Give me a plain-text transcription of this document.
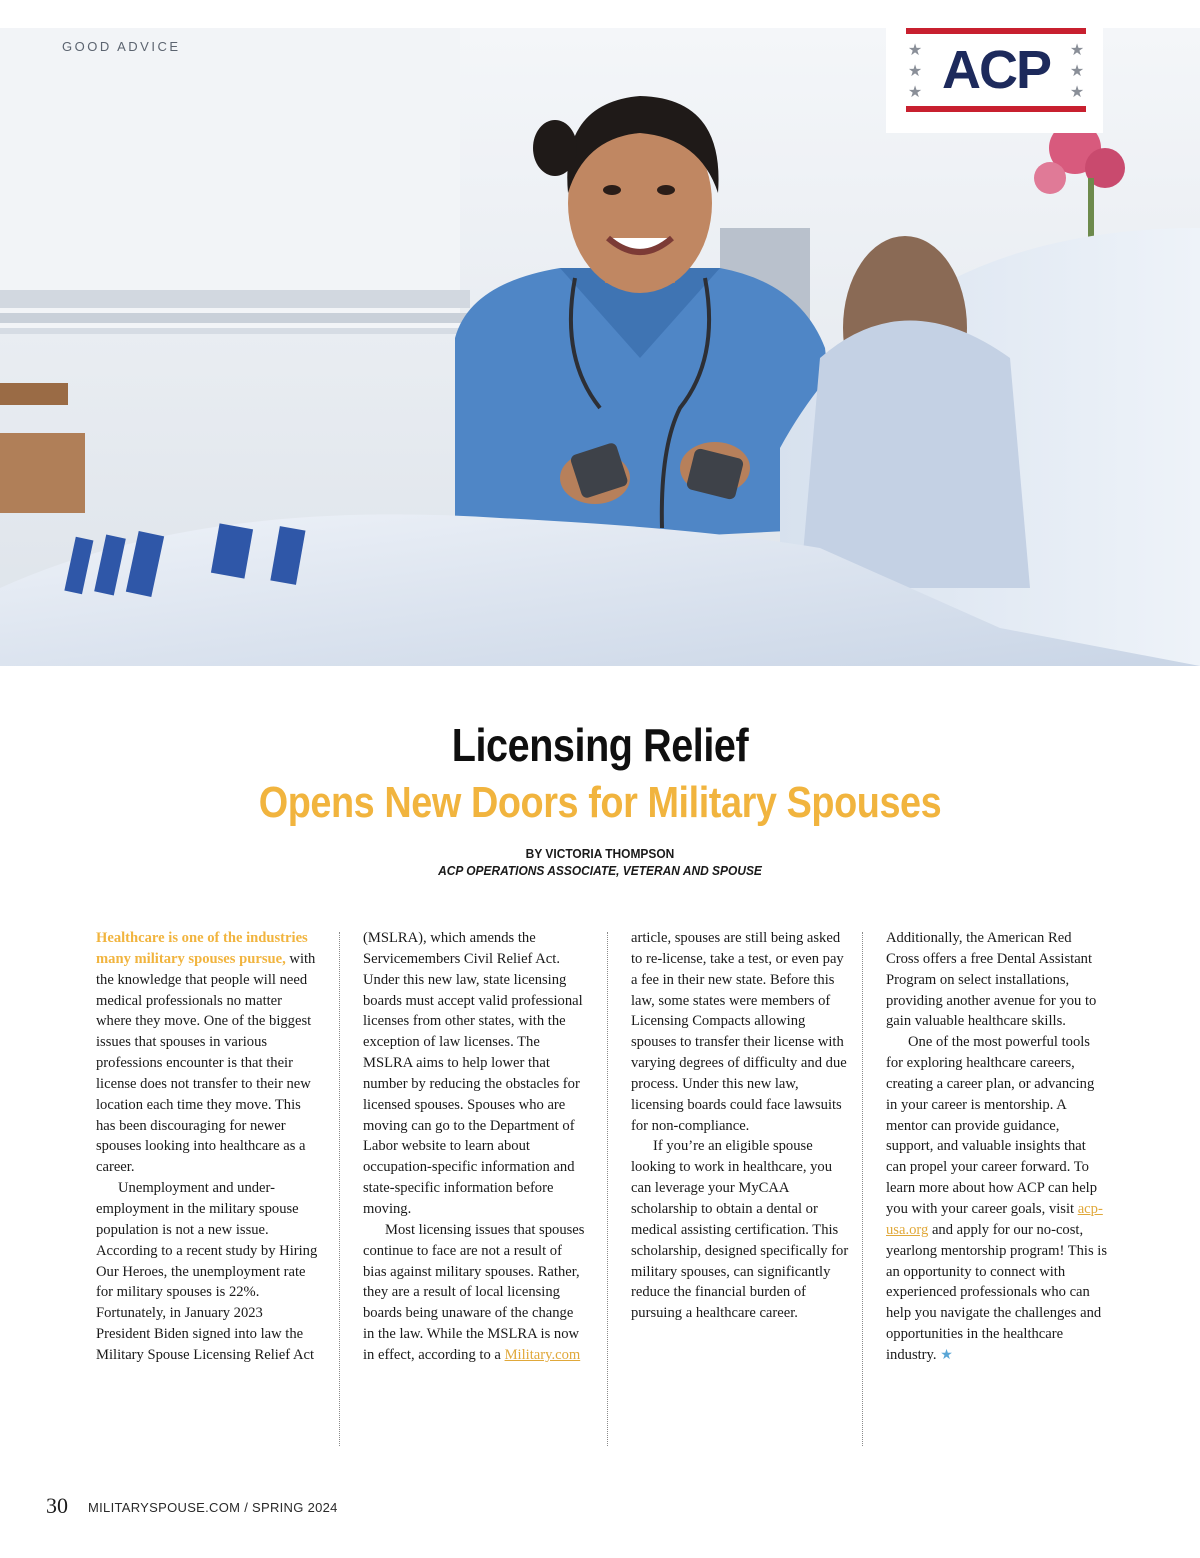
GOOD ADVICE	★
★
★ ACP	★
★
★
Licensing Relief
Opens New Doors for Military Spouses
BY VICTORIA THOMPSON
ACP OPERATIONS ASSOCIATE, VETERAN AND SPOUSE

Healthcare is one of the industries many military spouses pursue, with the knowledge that people will need medical professionals no matter where they move. One of the biggest issues that spouses in various professions encounter is that their license does not transfer to their new location each time they move. This has been discouraging for newer spouses looking into healthcare as a career.

Unemployment and under-employment in the military spouse population is not a new issue. According to a recent study by Hiring Our Heroes, the unemployment rate for military spouses is 22%. Fortunately, in January 2023 President Biden signed into law the Military Spouse Licensing Relief Act

(MSLRA), which amends the Servicemembers Civil Relief Act. Under this new law, state licensing boards must accept valid professional licenses from other states, with the exception of law licenses. The MSLRA aims to help lower that number by reducing the obstacles for licensed spouses. Spouses who are moving can go to the Department of Labor website to learn about occupation-specific information and state-specific information before moving.

Most licensing issues that spouses continue to face are not a result of bias against military spouses. Rather, they are a result of local licensing boards being unaware of the change in the law. While the MSLRA is now in effect, according to a Military.com

article, spouses are still being asked to re-license, take a test, or even pay a fee in their new state. Before this law, some states were members of Licensing Compacts allowing spouses to transfer their license with varying degrees of difficulty and due process. Under this new law, licensing boards could face lawsuits for non-compliance.

If you’re an eligible spouse looking to work in healthcare, you can leverage your MyCAA scholarship to obtain a dental or medical assisting certification. This scholarship, designed specifically for military spouses, can significantly reduce the financial burden of pursuing a healthcare career.

Additionally, the American Red Cross offers a free Dental Assistant Program on select installations, providing another avenue for you to gain valuable healthcare skills.

One of the most powerful tools for exploring healthcare careers, creating a career plan, or advancing in your career is mentorship. A mentor can provide guidance, support, and valuable insights that can propel your career forward. To learn more about how ACP can help you with your career goals, visit acp-usa.org and apply for our no-cost, yearlong mentorship program! This is an opportunity to connect with experienced professionals who can help you navigate the challenges and opportunities in the healthcare industry. ★

30 MILITARYSPOUSE.COM / SPRING 2024
